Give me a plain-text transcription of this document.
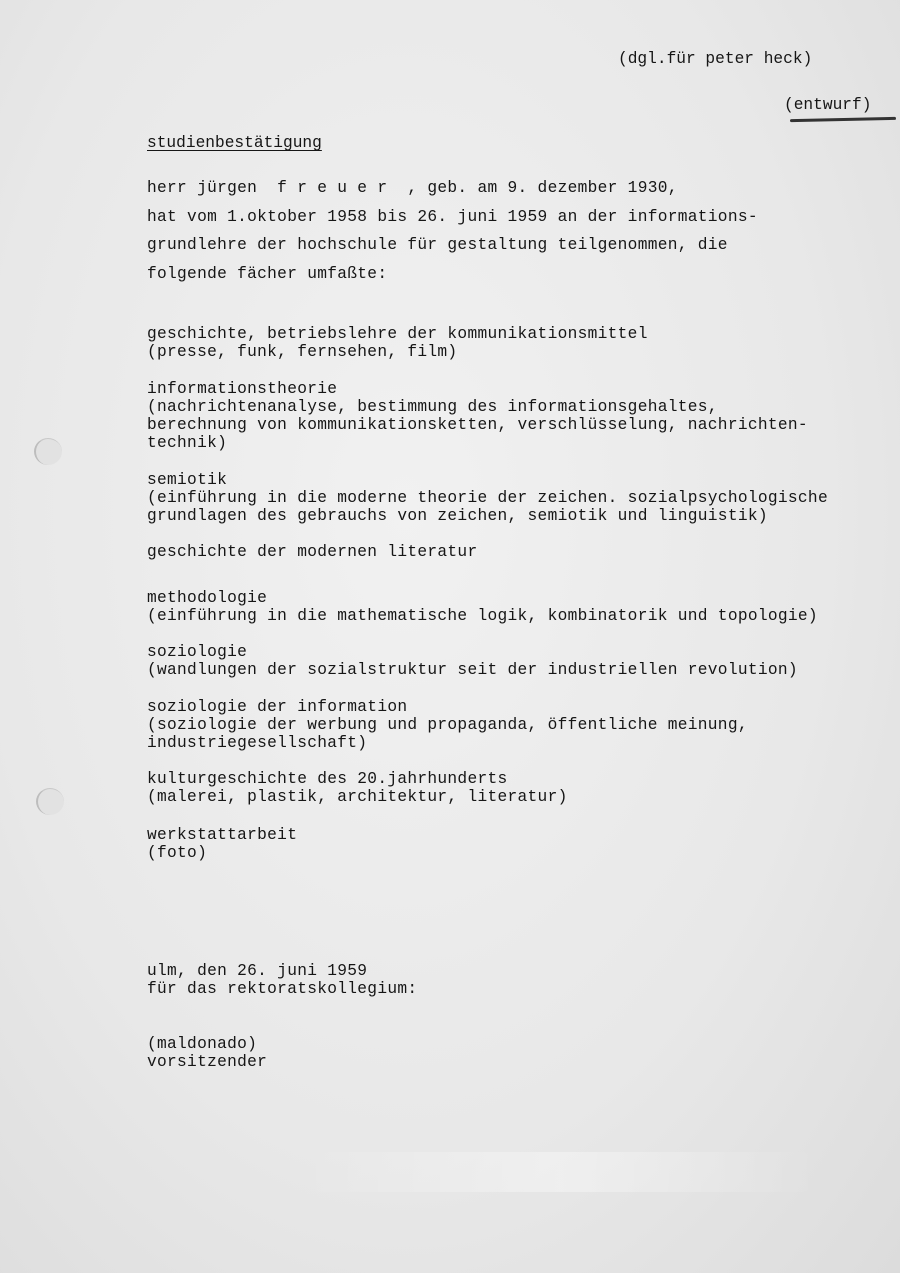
(dgl.für peter heck)
(entwurf)
studienbestätigung
herr jürgen  f r e u e r  , geb. am 9. dezember 1930,
hat vom 1.oktober 1958 bis 26. juni 1959 an der informations-
grundlehre der hochschule für gestaltung teilgenommen, die
folgende fächer umfaßte:
geschichte, betriebslehre der kommunikationsmittel
(presse, funk, fernsehen, film)
informationstheorie
(nachrichtenanalyse, bestimmung des informationsgehaltes,
berechnung von kommunikationsketten, verschlüsselung, nachrichten-
technik)
semiotik
(einführung in die moderne theorie der zeichen. sozialpsychologische
grundlagen des gebrauchs von zeichen, semiotik und linguistik)
geschichte der modernen literatur
methodologie
(einführung in die mathematische logik, kombinatorik und topologie)
soziologie
(wandlungen der sozialstruktur seit der industriellen revolution)
soziologie der information
(soziologie der werbung und propaganda, öffentliche meinung,
industriegesellschaft)
kulturgeschichte des 20.jahrhunderts
(malerei, plastik, architektur, literatur)
werkstattarbeit
(foto)
ulm, den 26. juni 1959
für das rektoratskollegium:
(maldonado)
vorsitzender
